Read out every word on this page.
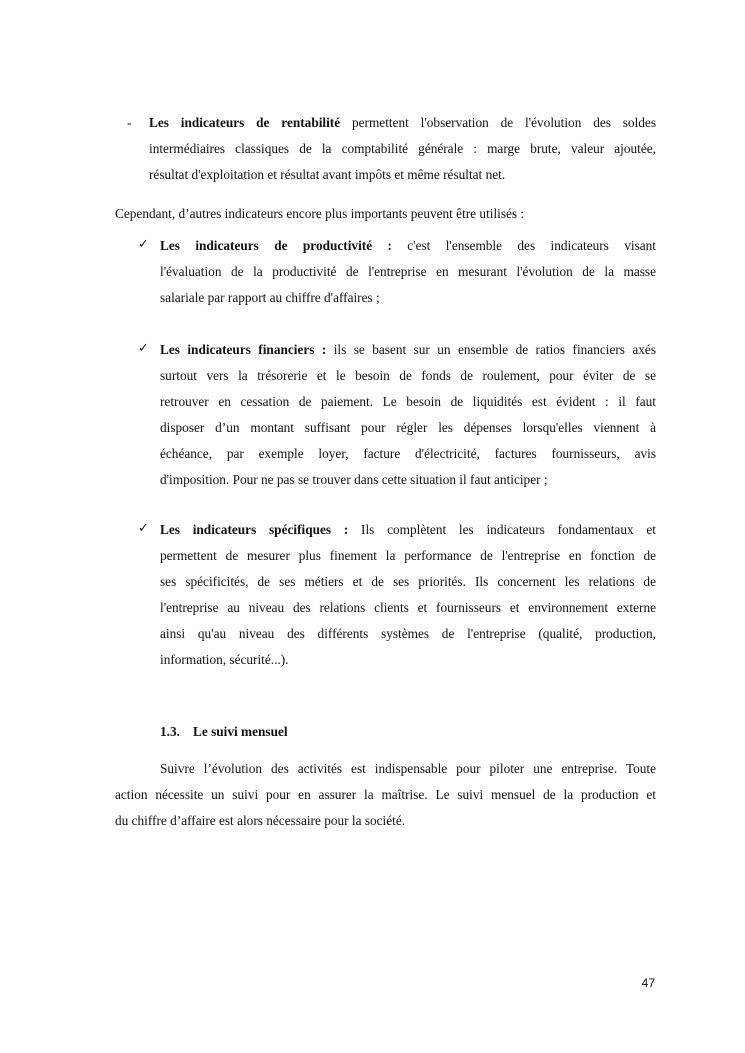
- Les indicateurs de rentabilité permettent l'observation de l'évolution des soldes
intermédiaires classiques de la comptabilité générale : marge brute, valeur ajoutée,
résultat d'exploitation et résultat avant impôts et même résultat net.
Cependant, d’autres indicateurs encore plus importants peuvent être utilisés :
✓ Les indicateurs de productivité : c'est l'ensemble des indicateurs visant
l'évaluation de la productivité de l'entreprise en mesurant l'évolution de la masse
salariale par rapport au chiffre d'affaires ;
✓ Les indicateurs financiers : ils se basent sur un ensemble de ratios financiers axés
surtout vers la trésorerie et le besoin de fonds de roulement, pour éviter de se
retrouver en cessation de paiement. Le besoin de liquidités est évident : il faut
disposer d’un montant suffisant pour régler les dépenses lorsqu'elles viennent à
échéance, par exemple loyer, facture d'électricité, factures fournisseurs, avis
d'imposition. Pour ne pas se trouver dans cette situation il faut anticiper ;
✓ Les indicateurs spécifiques : Ils complètent les indicateurs fondamentaux et
permettent de mesurer plus finement la performance de l'entreprise en fonction de
ses spécificités, de ses métiers et de ses priorités. Ils concernent les relations de
l'entreprise au niveau des relations clients et fournisseurs et environnement externe
ainsi qu'au niveau des différents systèmes de l'entreprise (qualité, production,
information, sécurité...).
1.3. Le suivi mensuel
Suivre l’évolution des activités est indispensable pour piloter une entreprise. Toute
action nécessite un suivi pour en assurer la maîtrise. Le suivi mensuel de la production et
du chiffre d’affaire est alors nécessaire pour la société.
47
